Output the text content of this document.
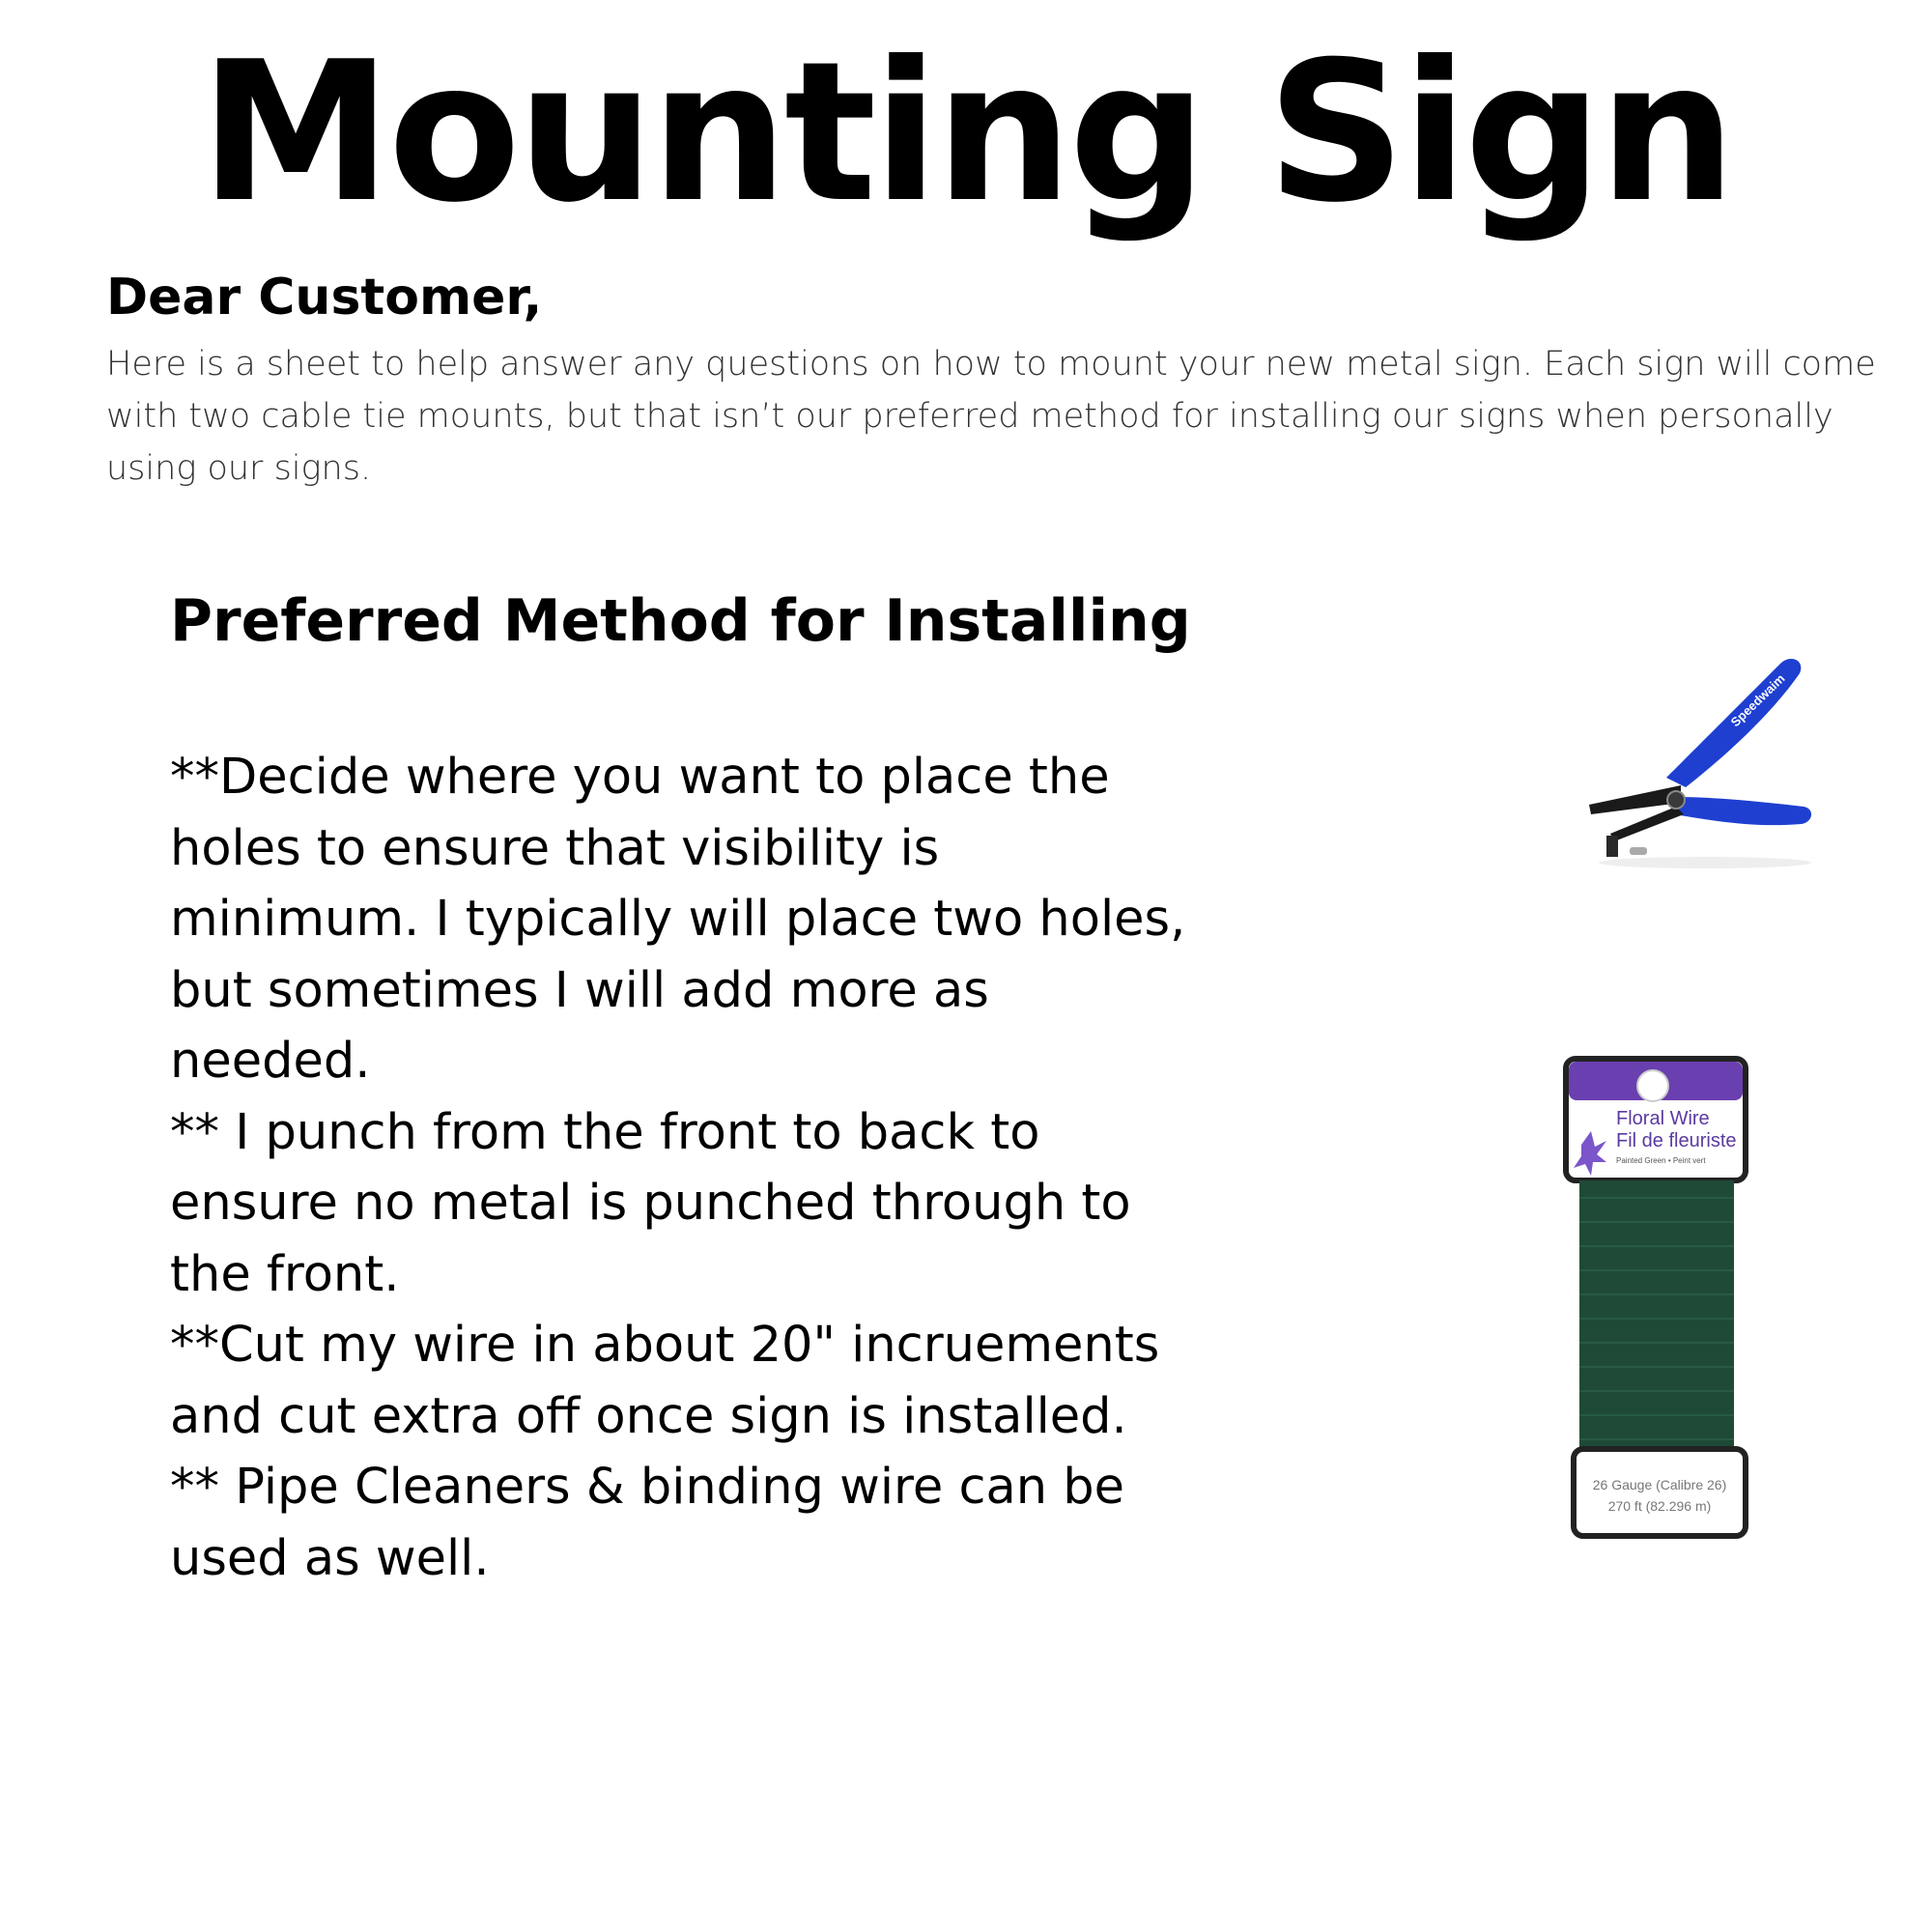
Mounting Sign

Dear Customer,

Here is a sheet to help answer any questions on how to mount your new metal sign. Each sign will come with two cable tie mounts, but that isn’t our preferred method for installing our signs when personally using our signs.

Preferred Method for Installing
**Decide where you want to place the holes to ensure that visibility is minimum. I typically will place two holes, but sometimes I will add more as needed.
** I punch from the front to back to ensure no metal is punched through to the front.
**Cut my wire in about 20" incruements and cut extra off once sign is installed.
** Pipe Cleaners & binding wire can be used as well.
Speedwaim
Floral Wire
Fil de fleuriste
Painted Green • Peint vert
26 Gauge (Calibre 26)
270 ft (82.296 m)
